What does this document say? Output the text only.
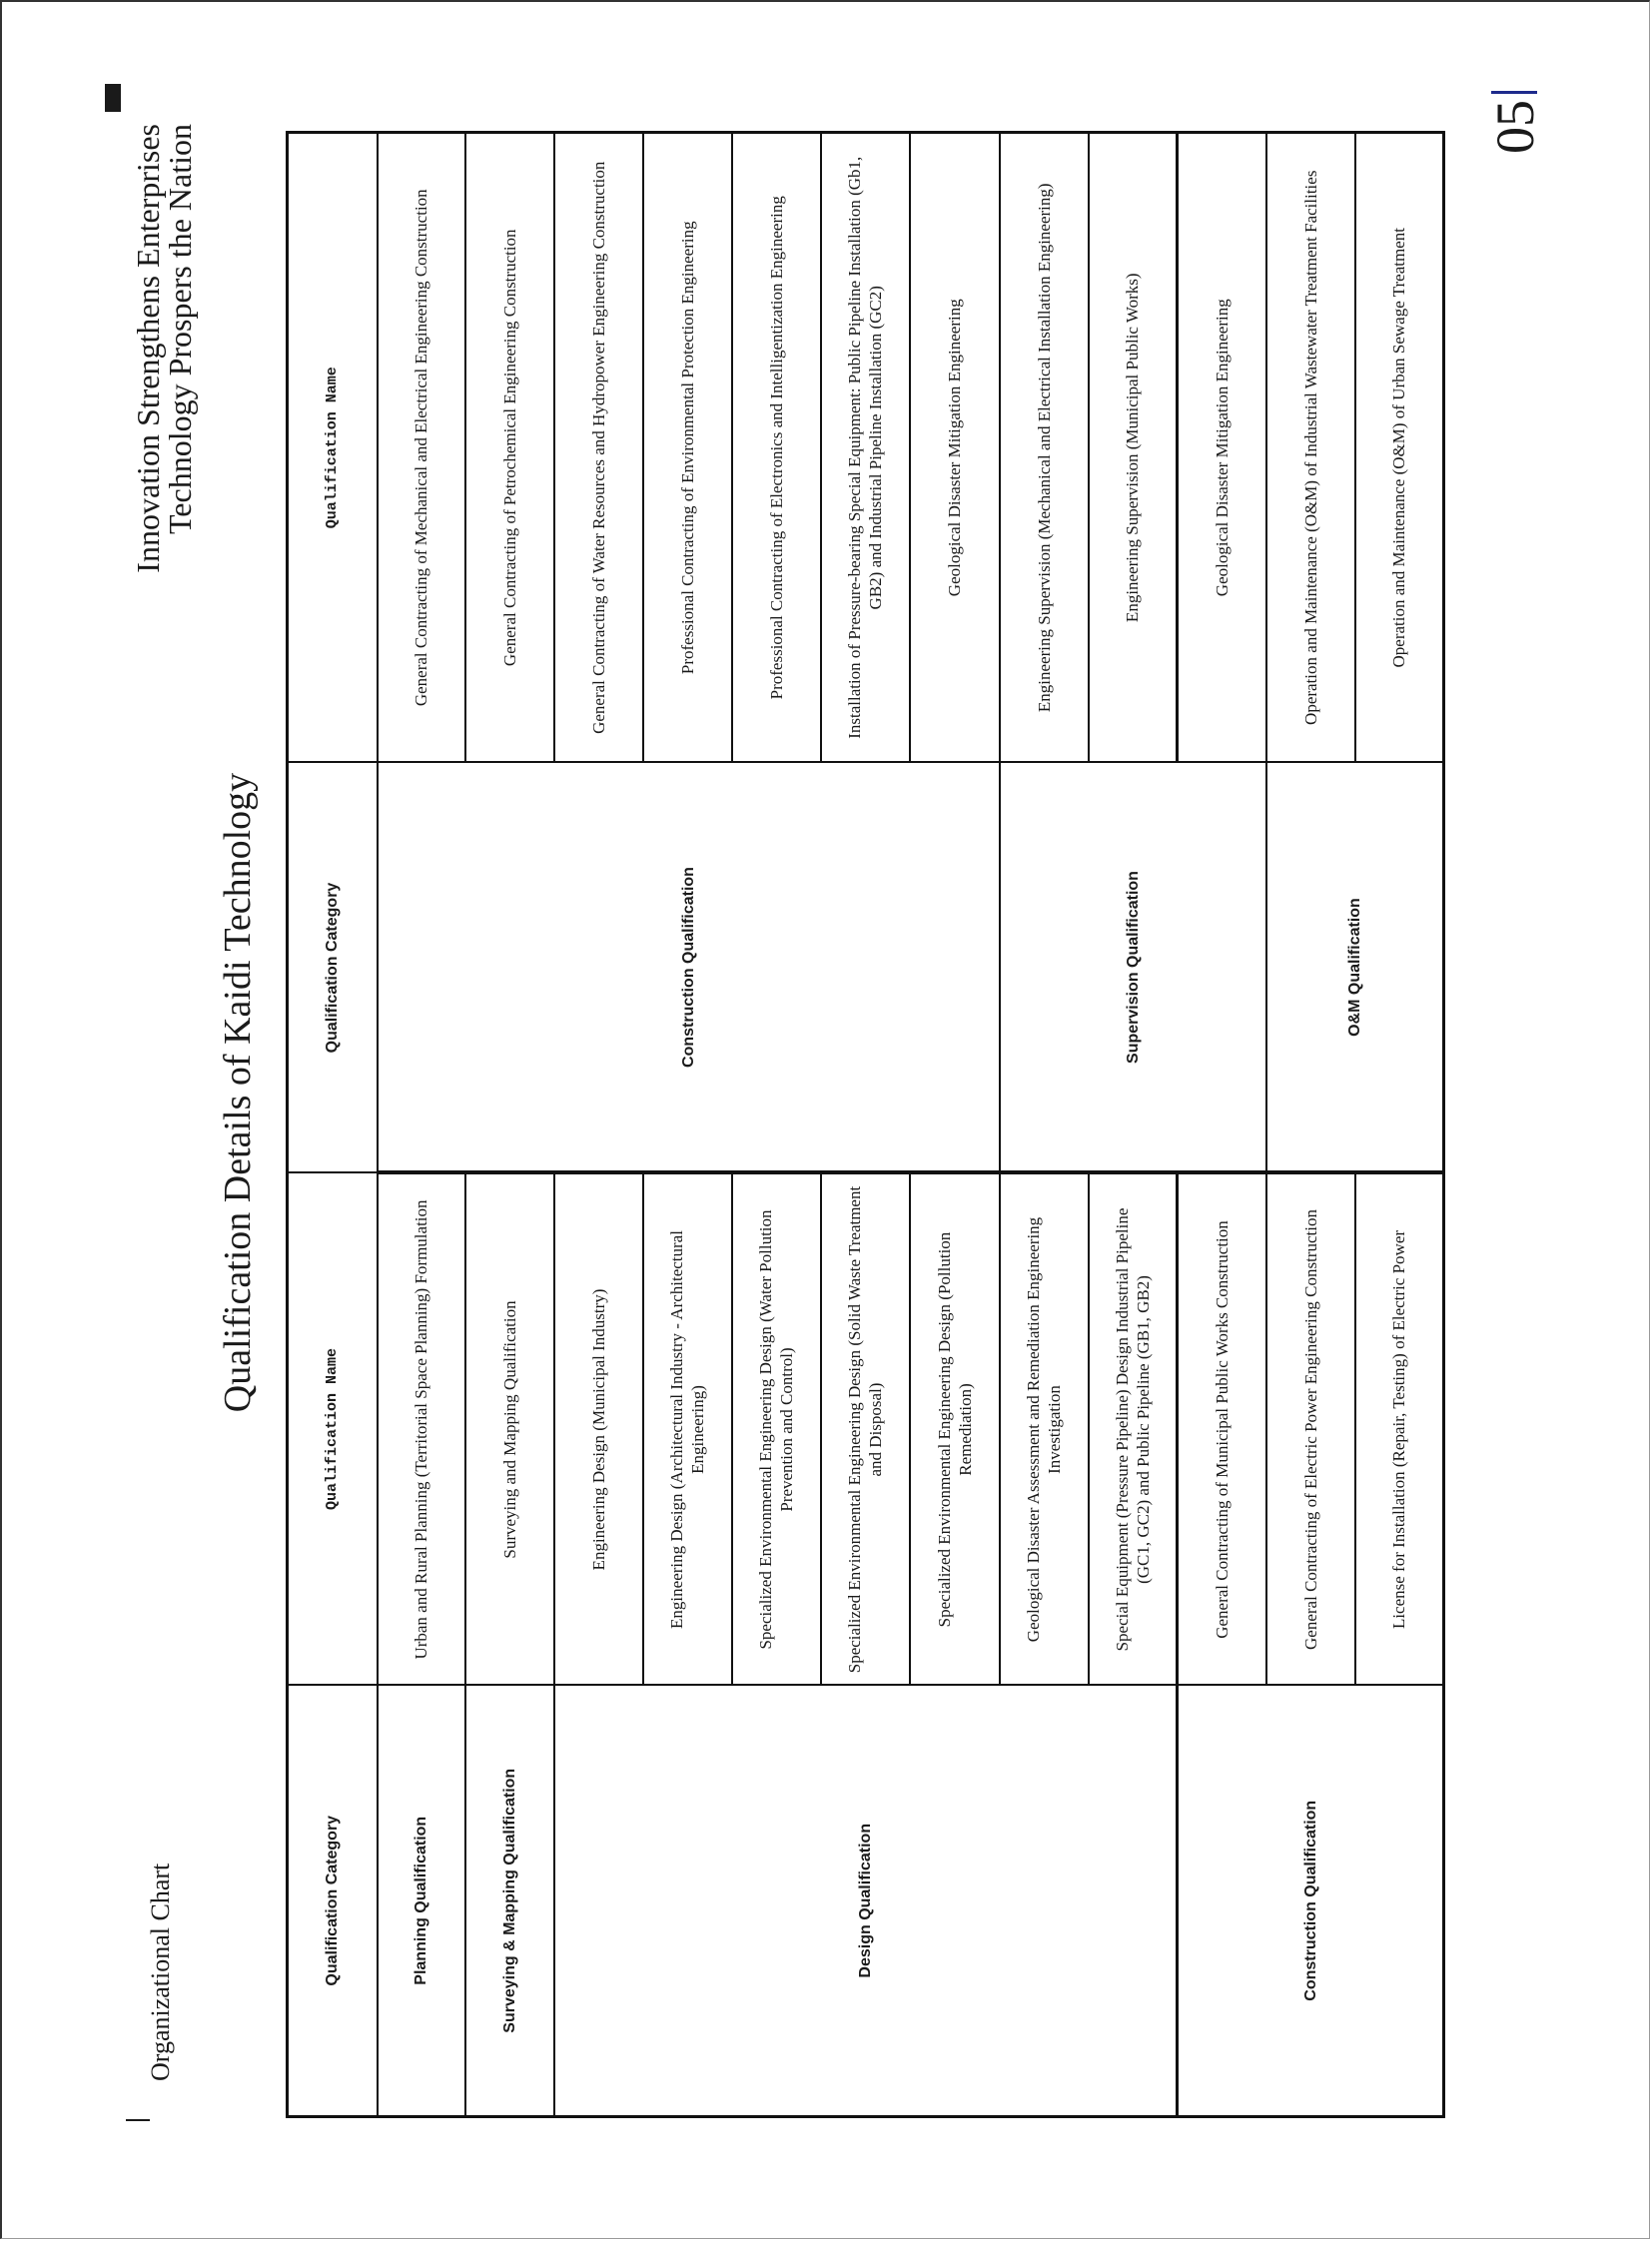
Innovation Strengthens Enterprises
Technology Prospers the Nation	05
Organizational Chart
Qualification Details of Kaidi Technology
Qualification Category	Qualification Name	Qualification Category	Qualification Name
Planning Qualification	Urban and Rural Planning (Territorial Space Planning) Formulation	Construction Qualification	General Contracting of Mechanical and Electrical Engineering Construction
Surveying & Mapping Qualification	Surveying and Mapping Qualification		General Contracting of Petrochemical Engineering Construction
Design Qualification	Engineering Design (Municipal Industry)		General Contracting of Water Resources and Hydropower Engineering Construction
	Engineering Design (Architectural Industry - Architectural Engineering)		Professional Contracting of Environmental Protection Engineering
	Specialized Environmental Engineering Design (Water Pollution Prevention and Control)		Professional Contracting of Electronics and Intelligentization Engineering
	Specialized Environmental Engineering Design (Solid Waste Treatment and Disposal)		Installation of Pressure-bearing Special Equipment: Public Pipeline Installation (Gb1, GB2) and Industrial Pipeline Installation (GC2)
	Specialized Environmental Engineering Design (Pollution Remediation)		Geological Disaster Mitigation Engineering
	Geological Disaster Assessment and Remediation Engineering Investigation	Supervision Qualification	Engineering Supervision (Mechanical and Electrical Installation Engineering)
	Special Equipment (Pressure Pipeline) Design Industrial Pipeline (GC1, GC2) and Public Pipeline (GB1, GB2)		Engineering Supervision (Municipal Public Works)
Construction Qualification	General Contracting of Municipal Public Works Construction		Geological Disaster Mitigation Engineering
	General Contracting of Electric Power Engineering Construction	O&M Qualification	Operation and Maintenance (O&M) of Industrial Wastewater Treatment Facilities
	License for Installation (Repair, Testing) of Electric Power		Operation and Maintenance (O&M) of Urban Sewage Treatment
